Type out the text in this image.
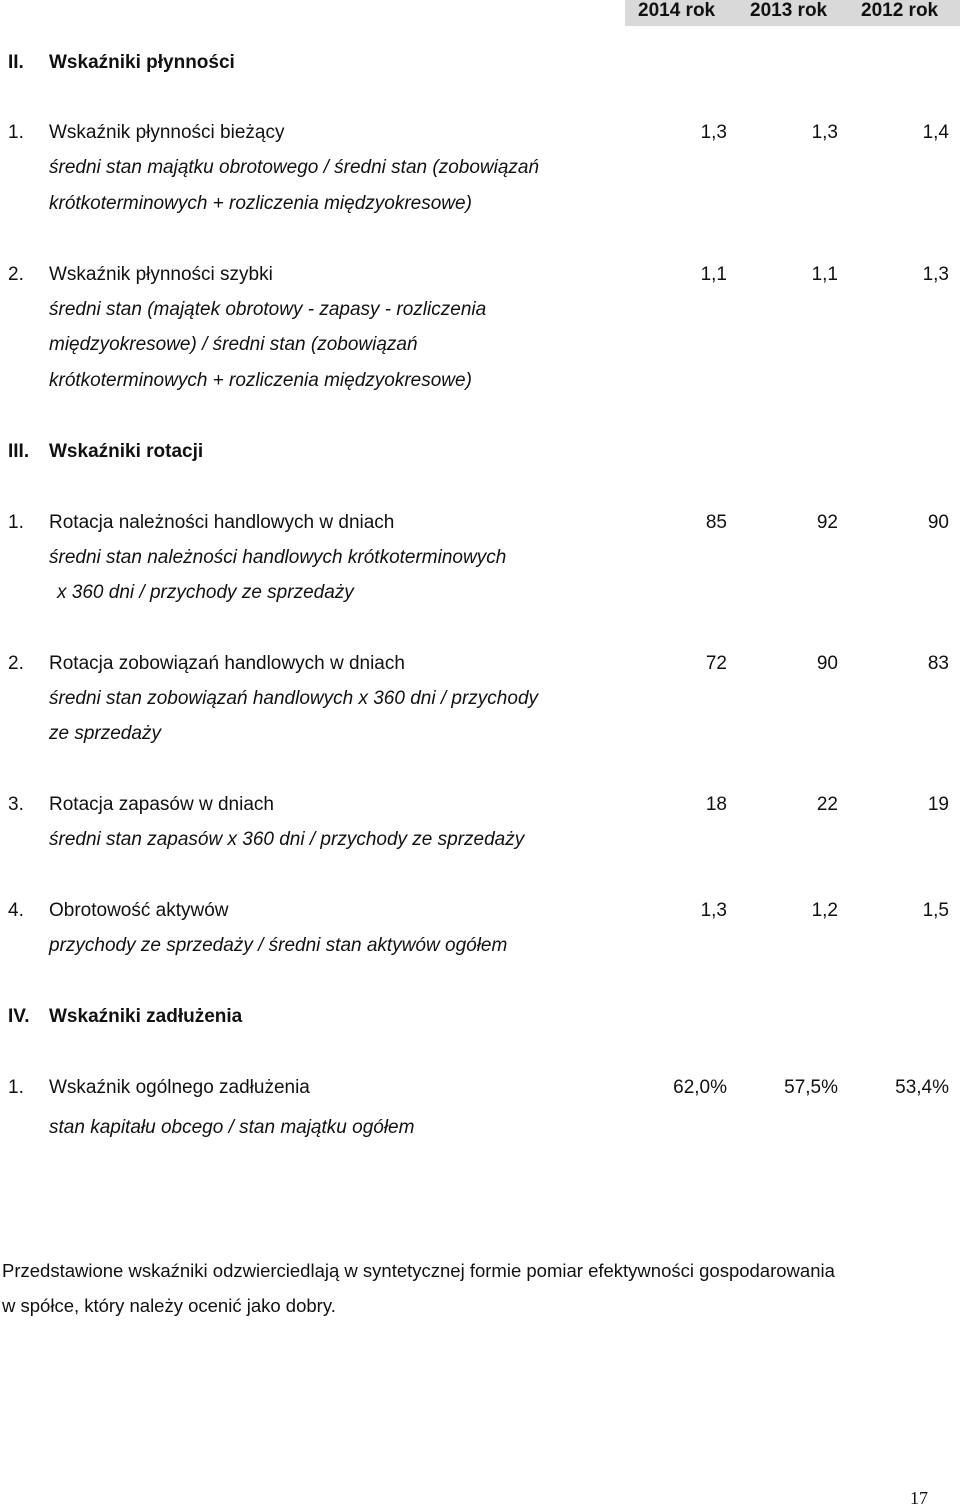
2014 rok 2013 rok 2012 rok
II. Wskaźniki płynności
1. Wskaźnik płynności bieżący	1,3	1,3	1,4
średni stan majątku obrotowego / średni stan (zobowiązań
krótkoterminowych + rozliczenia międzyokresowe)
2. Wskaźnik płynności szybki	1,1	1,1	1,3
średni stan (majątek obrotowy - zapasy - rozliczenia
międzyokresowe) / średni stan (zobowiązań
krótkoterminowych + rozliczenia międzyokresowe)
III. Wskaźniki rotacji
1. Rotacja należności handlowych w dniach	85	92	90
średni stan należności handlowych krótkoterminowych
x 360 dni / przychody ze sprzedaży
2. Rotacja zobowiązań handlowych w dniach	72	90	83
średni stan zobowiązań handlowych x 360 dni / przychody
ze sprzedaży
3. Rotacja zapasów w dniach	18	22	19
średni stan zapasów x 360 dni / przychody ze sprzedaży
4. Obrotowość aktywów	1,3	1,2	1,5
przychody ze sprzedaży / średni stan aktywów ogółem
IV. Wskaźniki zadłużenia
1. Wskaźnik ogólnego zadłużenia	62,0%	57,5%	53,4%
stan kapitału obcego / stan majątku ogółem
Przedstawione wskaźniki odzwierciedlają w syntetycznej formie pomiar efektywności gospodarowania
w spółce, który należy ocenić jako dobry.
17
